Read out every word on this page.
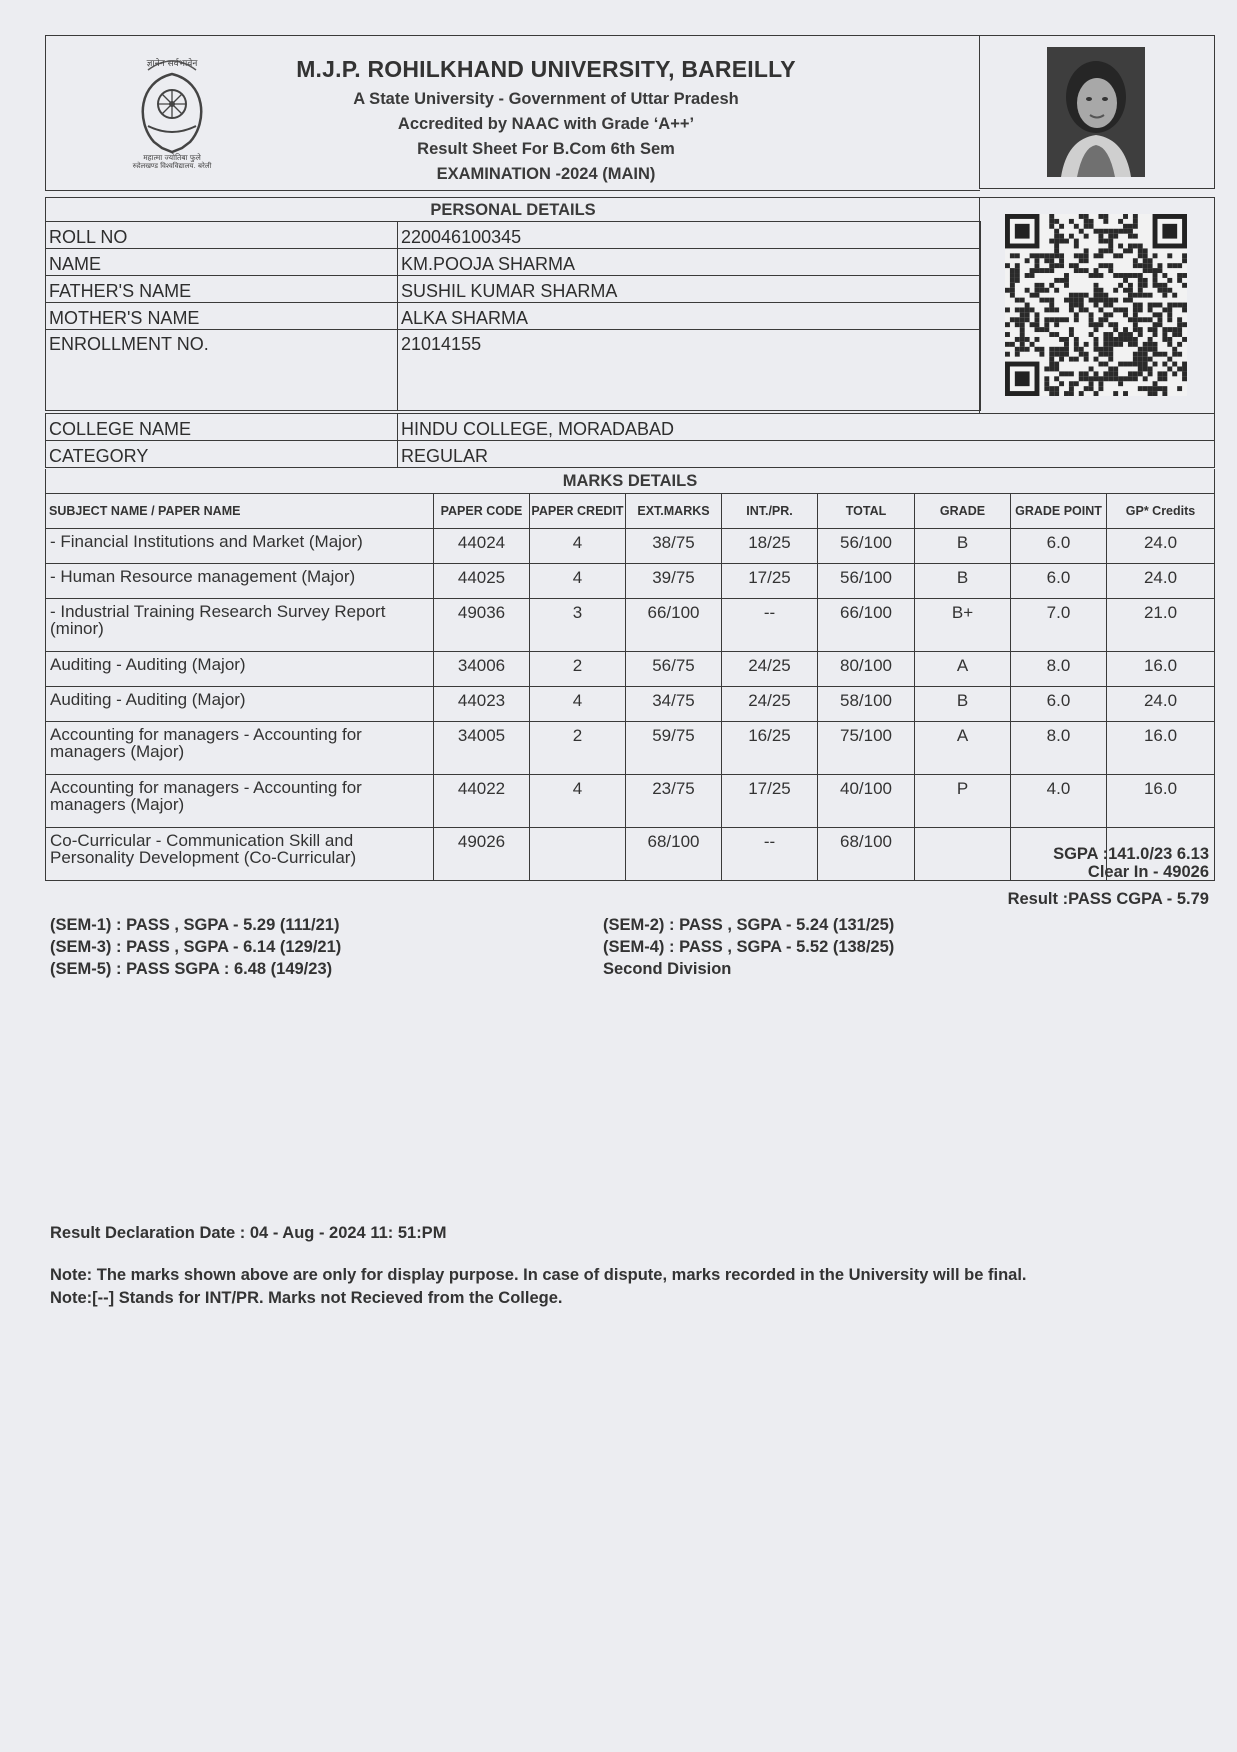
ज्ञानेन सर्वभावेन
महात्मा ज्योतिबा फुले
रुहेलखण्ड विश्वविद्यालय, बरेली
M.J.P. ROHILKHAND UNIVERSITY, BAREILLY
A State University - Government of Uttar Pradesh
Accredited by NAAC with Grade ‘A++’
Result Sheet For B.Com 6th Sem
EXAMINATION -2024 (MAIN)
PERSONAL DETAILS
ROLL NO	220046100345
NAME	KM.POOJA SHARMA
FATHER'S NAME	SUSHIL KUMAR SHARMA
MOTHER'S NAME	ALKA SHARMA
ENROLLMENT NO.	21014155
COLLEGE NAME	HINDU COLLEGE, MORADABAD
CATEGORY	REGULAR
MARKS DETAILS
SUBJECT NAME / PAPER NAME	PAPER CODE	PAPER CREDIT	EXT.MARKS	INT./PR.	TOTAL	GRADE	GRADE POINT	GP* Credits
- Financial Institutions and Market (Major)	44024	4	38/75	18/25	56/100	B	6.0	24.0
- Human Resource management (Major)	44025	4	39/75	17/25	56/100	B	6.0	24.0
- Industrial Training Research Survey Report (minor)	49036	3	66/100	--	66/100	B+	7.0	21.0
Auditing - Auditing (Major)	34006	2	56/75	24/25	80/100	A	8.0	16.0
Auditing - Auditing (Major)	44023	4	34/75	24/25	58/100	B	6.0	24.0
Accounting for managers - Accounting for managers (Major)	34005	2	59/75	16/25	75/100	A	8.0	16.0
Accounting for managers - Accounting for managers (Major)	44022	4	23/75	17/25	40/100	P	4.0	16.0
Co-Curricular - Communication Skill and Personality Development (Co-Curricular)	49026		68/100	--	68/100			
SGPA :141.0/23 6.13
Clear In - 49026
Result :PASS CGPA - 5.79
(SEM-1) : PASS , SGPA - 5.29 (111/21)	(SEM-2) : PASS , SGPA - 5.24 (131/25)
(SEM-3) : PASS , SGPA - 6.14 (129/21)	(SEM-4) : PASS , SGPA - 5.52 (138/25)
(SEM-5) : PASS SGPA : 6.48 (149/23)	Second Division
Result Declaration Date : 04 - Aug - 2024 11: 51:PM
Note: The marks shown above are only for display purpose. In case of dispute, marks recorded in the University will be final.
Note:[--] Stands for INT/PR. Marks not Recieved from the College.
